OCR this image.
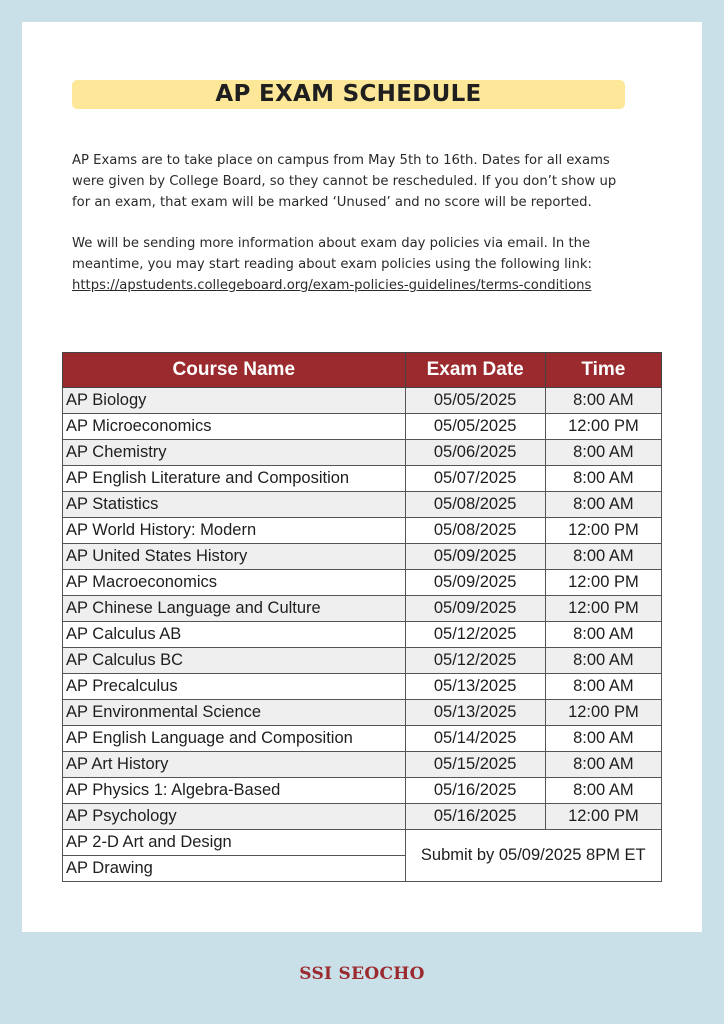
AP EXAM SCHEDULE

AP Exams are to take place on campus from May 5th to 16th. Dates for all exams were given by College Board, so they cannot be rescheduled. If you don’t show up for an exam, that exam will be marked ‘Unused’ and no score will be reported.

We will be sending more information about exam day policies via email. In the meantime, you may start reading about exam policies using the following link:
https://apstudents.collegeboard.org/exam-policies-guidelines/terms-conditions

Course Name	Exam Date	Time
AP Biology	05/05/2025	8:00 AM
AP Microeconomics	05/05/2025	12:00 PM
AP Chemistry	05/06/2025	8:00 AM
AP English Literature and Composition	05/07/2025	8:00 AM
AP Statistics	05/08/2025	8:00 AM
AP World History: Modern	05/08/2025	12:00 PM
AP United States History	05/09/2025	8:00 AM
AP Macroeconomics	05/09/2025	12:00 PM
AP Chinese Language and Culture	05/09/2025	12:00 PM
AP Calculus AB	05/12/2025	8:00 AM
AP Calculus BC	05/12/2025	8:00 AM
AP Precalculus	05/13/2025	8:00 AM
AP Environmental Science	05/13/2025	12:00 PM
AP English Language and Composition	05/14/2025	8:00 AM
AP Art History	05/15/2025	8:00 AM
AP Physics 1: Algebra-Based	05/16/2025	8:00 AM
AP Psychology	05/16/2025	12:00 PM
AP 2-D Art and Design	Submit by 05/09/2025 8PM ET	
AP Drawing		
SSI SEOCHO
